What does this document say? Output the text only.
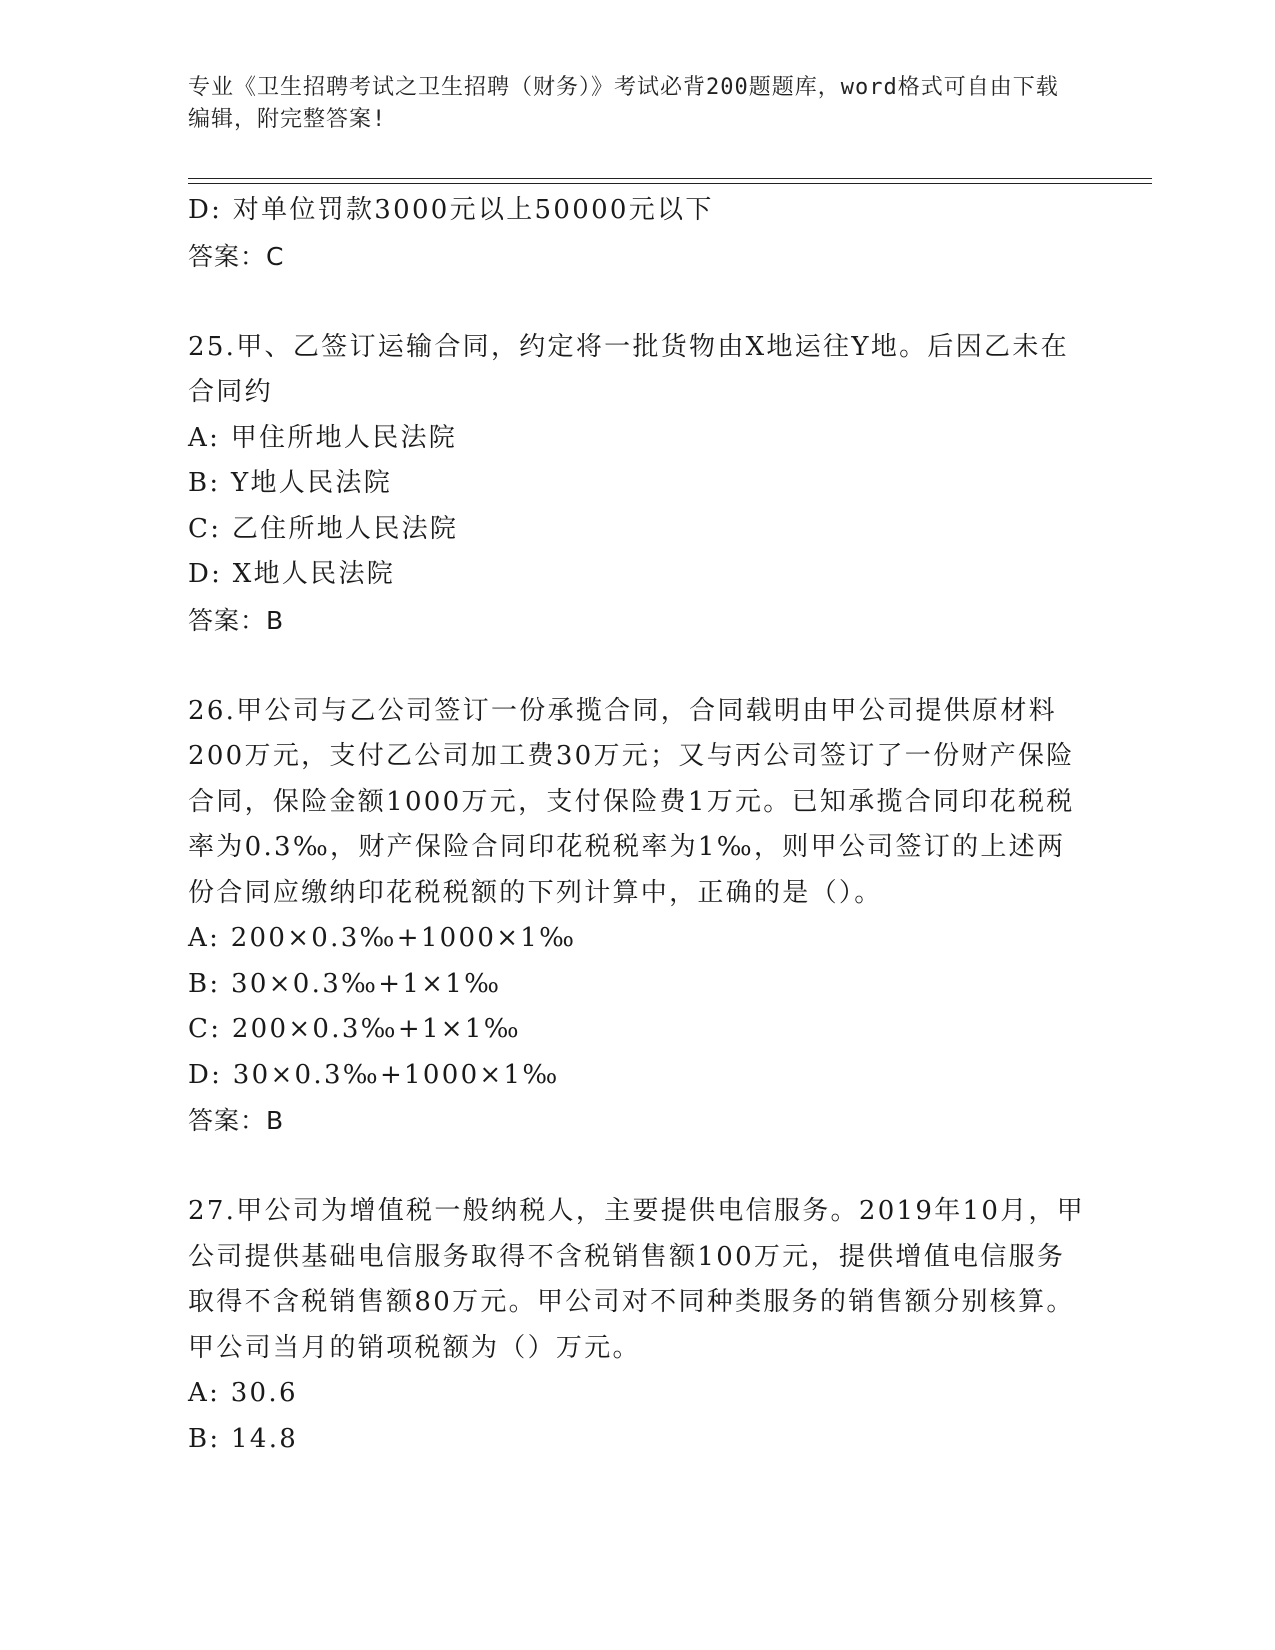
专业《卫生招聘考试之卫生招聘（财务）》考试必背200题题库，word格式可自由下载编辑，附完整答案!
D: 对单位罚款3000元以上50000元以下
答案：C
25.甲、乙签订运输合同，约定将一批货物由X地运往Y地。后因乙未在合同约
A: 甲住所地人民法院
B: Y地人民法院
C: 乙住所地人民法院
D: X地人民法院
答案：B
26.甲公司与乙公司签订一份承揽合同，合同载明由甲公司提供原材料200万元，支付乙公司加工费30万元；又与丙公司签订了一份财产保险合同，保险金额1000万元，支付保险费1万元。已知承揽合同印花税税率为0.3‰，财产保险合同印花税税率为1‰，则甲公司签订的上述两份合同应缴纳印花税税额的下列计算中，正确的是（）。
A: 200×0.3‰+1000×1‰
B: 30×0.3‰+1×1‰
C: 200×0.3‰+1×1‰
D: 30×0.3‰+1000×1‰
答案：B
27.甲公司为增值税一般纳税人，主要提供电信服务。2019年10月，甲公司提供基础电信服务取得不含税销售额100万元，提供增值电信服务取得不含税销售额80万元。甲公司对不同种类服务的销售额分别核算。甲公司当月的销项税额为（）万元。
A: 30.6
B: 14.8
